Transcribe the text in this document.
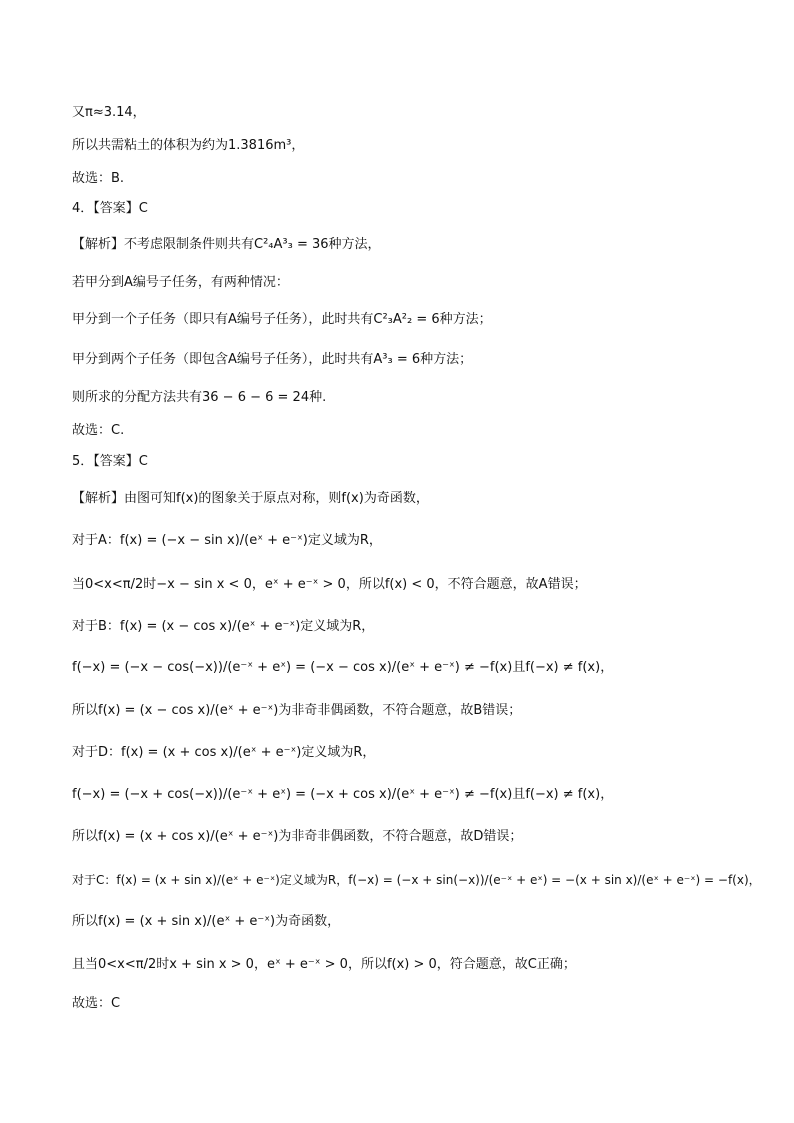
又π≈3.14，
所以共需粘土的体积为约为1.3816m³，
故选：B.
4．【答案】C
【解析】不考虑限制条件则共有C²₄A³₃ = 36种方法，
若甲分到A编号子任务，有两种情况：
甲分到一个子任务（即只有A编号子任务），此时共有C²₃A²₂ = 6种方法；
甲分到两个子任务（即包含A编号子任务），此时共有A³₃ = 6种方法；
则所求的分配方法共有36 − 6 − 6 = 24种.
故选：C.
5．【答案】C
【解析】由图可知f(x)的图象关于原点对称，则f(x)为奇函数，
对于A：f(x) = (−x − sin x)/(eˣ + e⁻ˣ)定义域为R，
当0<x<π/2时−x − sin x < 0，eˣ + e⁻ˣ > 0，所以f(x) < 0，不符合题意，故A错误；
对于B：f(x) = (x − cos x)/(eˣ + e⁻ˣ)定义域为R，
f(−x) = (−x − cos(−x))/(e⁻ˣ + eˣ) = (−x − cos x)/(eˣ + e⁻ˣ) ≠ −f(x)且f(−x) ≠ f(x)，
所以f(x) = (x − cos x)/(eˣ + e⁻ˣ)为非奇非偶函数，不符合题意，故B错误；
对于D：f(x) = (x + cos x)/(eˣ + e⁻ˣ)定义域为R，
f(−x) = (−x + cos(−x))/(e⁻ˣ + eˣ) = (−x + cos x)/(eˣ + e⁻ˣ) ≠ −f(x)且f(−x) ≠ f(x)，
所以f(x) = (x + cos x)/(eˣ + e⁻ˣ)为非奇非偶函数，不符合题意，故D错误；
对于C：f(x) = (x + sin x)/(eˣ + e⁻ˣ)定义域为R，f(−x) = (−x + sin(−x))/(e⁻ˣ + eˣ) = −(x + sin x)/(eˣ + e⁻ˣ) = −f(x)，
所以f(x) = (x + sin x)/(eˣ + e⁻ˣ)为奇函数，
且当0<x<π/2时x + sin x > 0，eˣ + e⁻ˣ > 0，所以f(x) > 0，符合题意，故C正确；
故选：C
